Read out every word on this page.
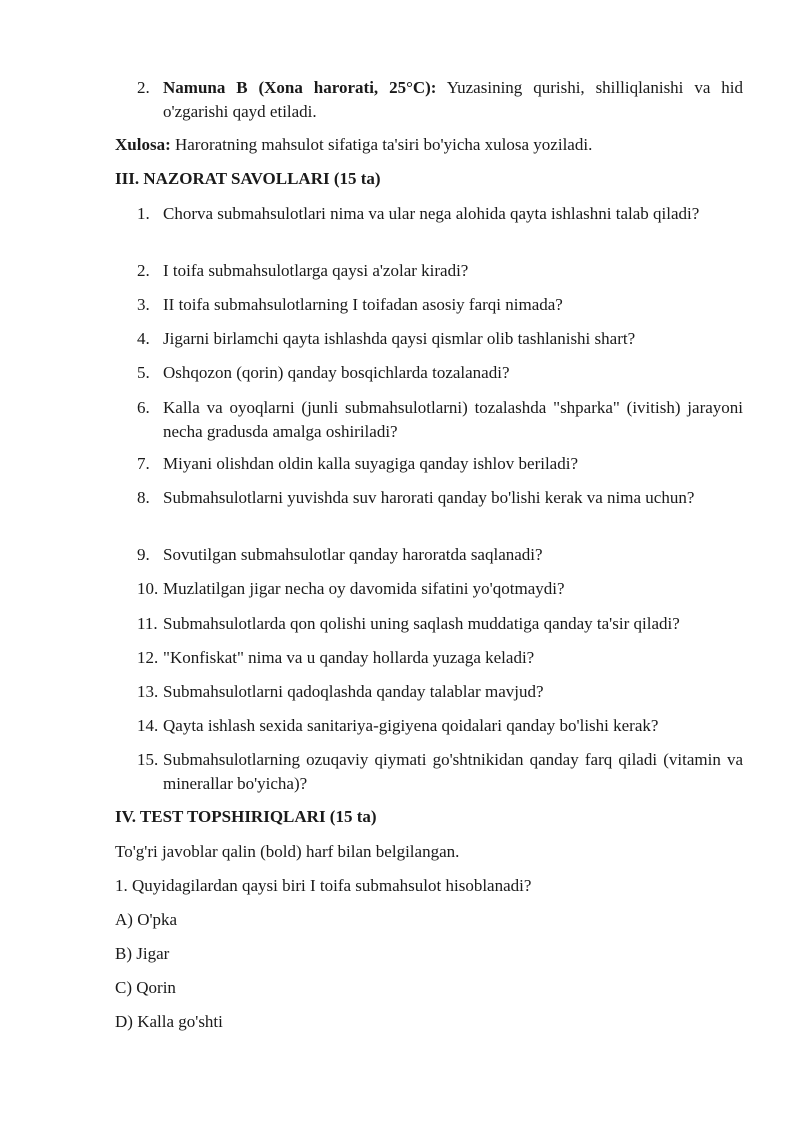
2. Namuna B (Xona harorati, 25°C): Yuzasining qurishi, shilliqlanishi va hid o'zgarishi qayd etiladi.
Xulosa: Haroratning mahsulot sifatiga ta'siri bo'yicha xulosa yoziladi.
III. NAZORAT SAVOLLARI (15 ta)
1. Chorva submahsulotlari nima va ular nega alohida qayta ishlashni talab qiladi?
2. I toifa submahsulotlarga qaysi a'zolar kiradi?
3. II toifa submahsulotlarning I toifadan asosiy farqi nimada?
4. Jigarni birlamchi qayta ishlashda qaysi qismlar olib tashlanishi shart?
5. Oshqozon (qorin) qanday bosqichlarda tozalanadi?
6. Kalla va oyoqlarni (junli submahsulotlarni) tozalashda "shparka" (ivitish) jarayoni necha gradusda amalga oshiriladi?
7. Miyani olishdan oldin kalla suyagiga qanday ishlov beriladi?
8. Submahsulotlarni yuvishda suv harorati qanday bo'lishi kerak va nima uchun?
9. Sovutilgan submahsulotlar qanday haroratda saqlanadi?
10. Muzlatilgan jigar necha oy davomida sifatini yo'qotmaydi?
11. Submahsulotlarda qon qolishi uning saqlash muddatiga qanday ta'sir qiladi?
12. "Konfiskat" nima va u qanday hollarda yuzaga keladi?
13. Submahsulotlarni qadoqlashda qanday talablar mavjud?
14. Qayta ishlash sexida sanitariya-gigiyena qoidalari qanday bo'lishi kerak?
15. Submahsulotlarning ozuqaviy qiymati go'shtnikidan qanday farq qiladi (vitamin va minerallar bo'yicha)?
IV. TEST TOPSHIRIQLARI (15 ta)
To'g'ri javoblar qalin (bold) harf bilan belgilangan.
1. Quyidagilardan qaysi biri I toifa submahsulot hisoblanadi?
A) O'pka
B) Jigar
C) Qorin
D) Kalla go'shti
